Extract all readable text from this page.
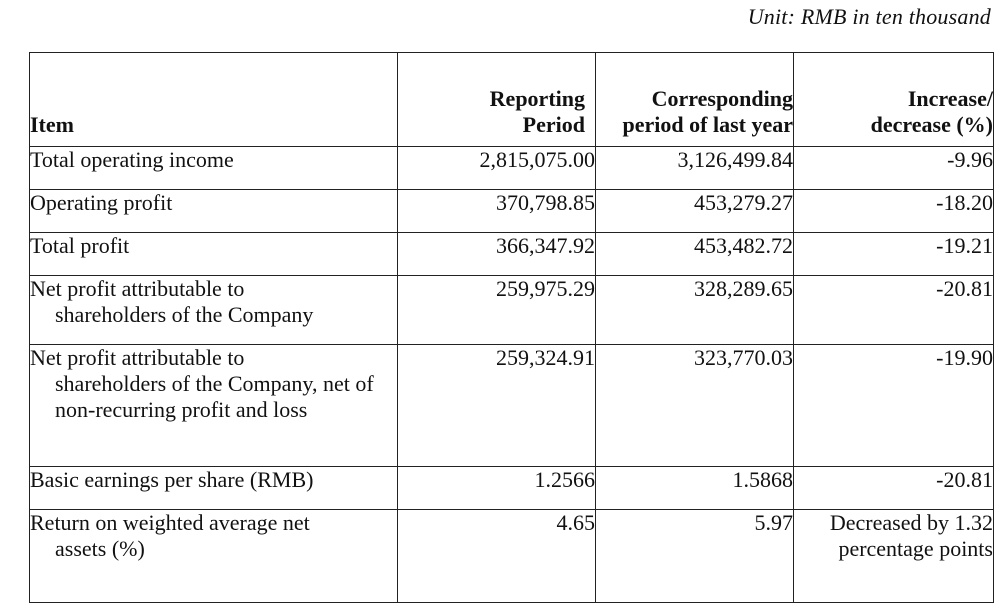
Unit: RMB in ten thousand
Item	Reporting Period	Corresponding period of last year	Increase/ decrease (%)

Total operating income	2,815,075.00	3,126,499.84	-9.96

Operating profit	370,798.85	453,279.27	-18.20

Total profit	366,347.92	453,482.72	-19.21

Net profit attributable to
shareholders of the Company	259,975.29	328,289.65	-20.81

Net profit attributable to
shareholders of the Company, net of non-recurring profit and loss	259,324.91	323,770.03	-19.90

Basic earnings per share (RMB)	1.2566	1.5868	-20.81

Return on weighted average net
assets (%)	4.65	5.97	Decreased by 1.32 percentage points
